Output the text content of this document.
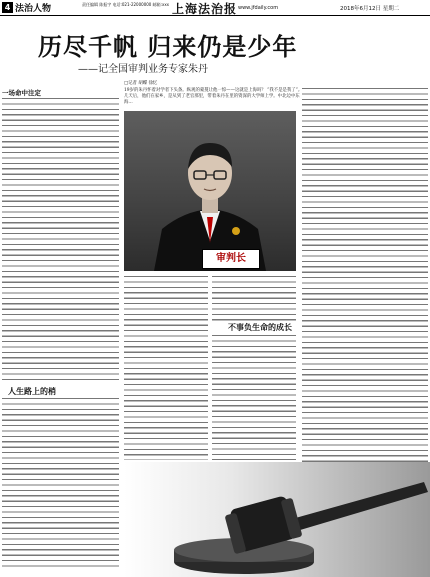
4 法治人物	责任编辑 陈振宇 电话:021-22000000 邮箱:xxx 上海法治报 www.jfdaily.com	2018年6月12日 星期二
历尽千帆 归来仍是少年
——记全国审判业务专家朱丹
一场命中注定
人生路上的梢
□记者 胡蝶 徐忆
19岁的朱丹怀着对学者下头条。纵观的蒙蔓让他一惊——这就是上海吗？ “我不是是我了”。几天后，他们在家乡，是从到了老官那里，带着朱丹在里的资深的大学师上学。中北边中东海…
审判长
不事负生命的成长
